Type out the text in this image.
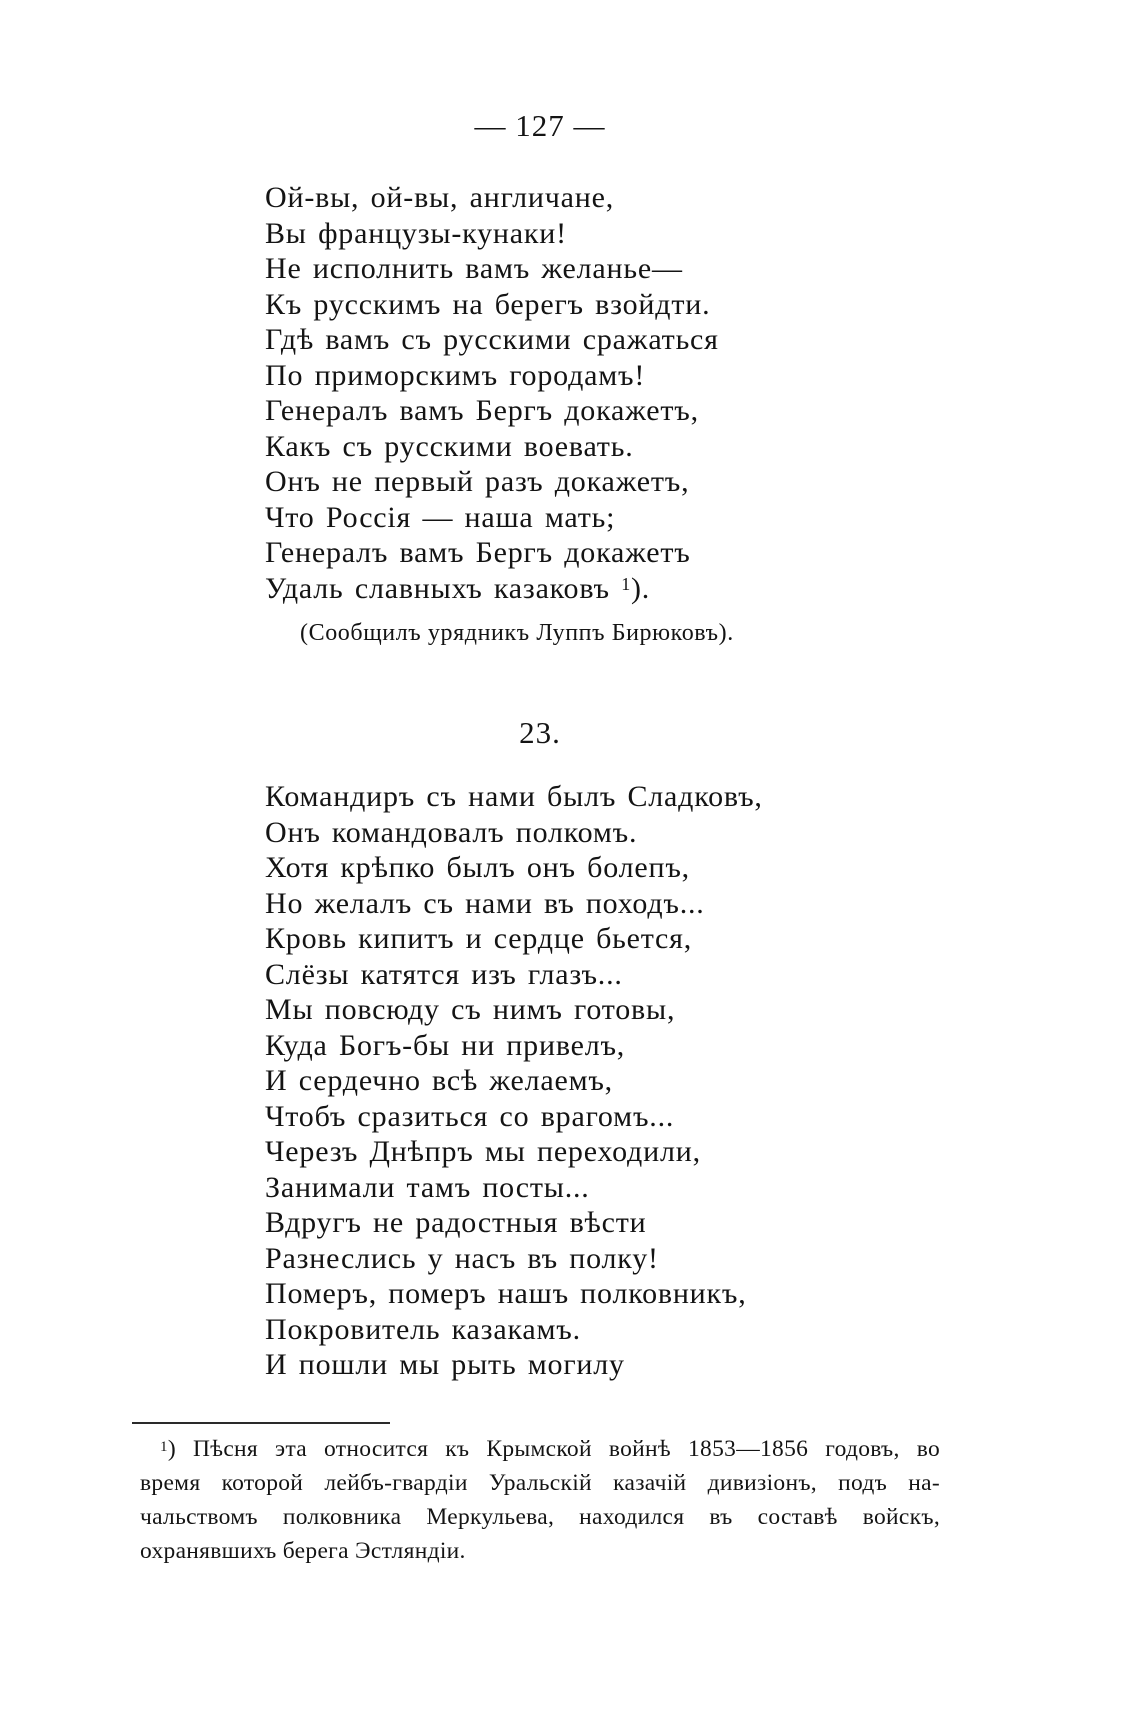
— 127 —
Ой-вы, ой-вы, англичане,
Вы французы-кунаки!
Не исполнить вамъ желанье—
Къ русскимъ на берегъ взойдти.
Гдѣ вамъ съ русскими сражаться
По приморскимъ городамъ!
Генералъ вамъ Бергъ докажетъ,
Какъ съ русскими воевать.
Онъ не первый разъ докажетъ,
Что Россія — наша мать;
Генералъ вамъ Бергъ докажетъ
Удаль славныхъ казаковъ $^1$).
(Сообщилъ урядникъ Луппъ Бирюковъ).
23.
Командиръ съ нами былъ Сладковъ,
Онъ командовалъ полкомъ.
Хотя крѣпко былъ онъ болепъ,
Но желалъ съ нами въ походъ...
Кровь кипитъ и сердце бьется,
Слёзы катятся изъ глазъ...
Мы повсюду съ нимъ готовы,
Куда Богъ-бы ни привелъ,
И сердечно всѣ желаемъ,
Чтобъ сразиться со врагомъ...
Черезъ Днѣпръ мы переходили,
Занимали тамъ посты...
Вдругъ не радостныя вѣсти
Разнеслись у насъ въ полку!
Померъ, померъ нашъ полковникъ,
Покровитель казакамъ.
И пошли мы рыть могилу
$^1$) Пѣсня эта относится къ Крымской войнѣ 1853—1856 годовъ, во
время которой лейбъ-гвардіи Уральскій казачій дивизіонъ, подъ на-
чальствомъ полковника Меркульева, находился въ составѣ войскъ,
охранявшихъ берега Эстляндіи.
